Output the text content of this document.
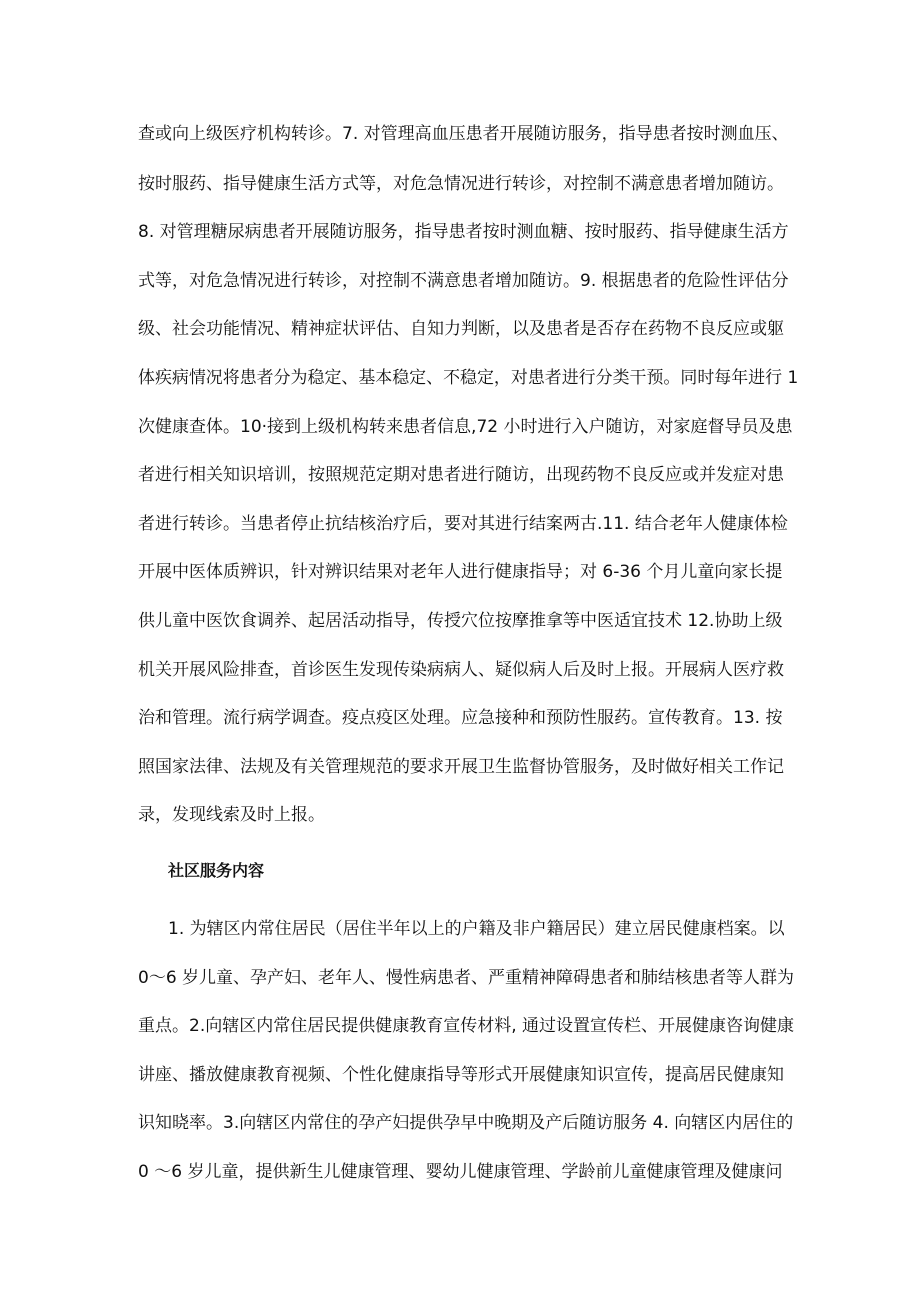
查或向上级医疗机构转诊。7. 对管理高血压患者开展随访服务，指导患者按时测血压、
按时服药、指导健康生活方式等，对危急情况进行转诊，对控制不满意患者增加随访。
8. 对管理糖尿病患者开展随访服务，指导患者按时测血糖、按时服药、指导健康生活方
式等，对危急情况进行转诊，对控制不满意患者增加随访。9. 根据患者的危险性评估分
级、社会功能情况、精神症状评估、自知力判断，以及患者是否存在药物不良反应或躯
体疾病情况将患者分为稳定、基本稳定、不稳定，对患者进行分类干预。同时每年进行 1
次健康查体。10·接到上级机构转来患者信息,72 小时进行入户随访，对家庭督导员及患
者进行相关知识培训，按照规范定期对患者进行随访，出现药物不良反应或并发症对患
者进行转诊。当患者停止抗结核治疗后，要对其进行结案两古.11. 结合老年人健康体检
开展中医体质辨识，针对辨识结果对老年人进行健康指导；对 6-36 个月儿童向家长提
供儿童中医饮食调养、起居活动指导，传授穴位按摩推拿等中医适宜技术 12.协助上级
机关开展风险排查，首诊医生发现传染病病人、疑似病人后及时上报。开展病人医疗救
治和管理。流行病学调查。疫点疫区处理。应急接种和预防性服药。宣传教育。13. 按
照国家法律、法规及有关管理规范的要求开展卫生监督协管服务，及时做好相关工作记
录，发现线索及时上报。
社区服务内容
1. 为辖区内常住居民（居住半年以上的户籍及非户籍居民）建立居民健康档案。以
0～6 岁儿童、孕产妇、老年人、慢性病患者、严重精神障碍患者和肺结核患者等人群为
重点。2.向辖区内常住居民提供健康教育宣传材料, 通过设置宣传栏、开展健康咨询健康
讲座、播放健康教育视频、个性化健康指导等形式开展健康知识宣传，提高居民健康知
识知晓率。3.向辖区内常住的孕产妇提供孕早中晚期及产后随访服务 4. 向辖区内居住的
0 ～6 岁儿童，提供新生儿健康管理、婴幼儿健康管理、学龄前儿童健康管理及健康问
